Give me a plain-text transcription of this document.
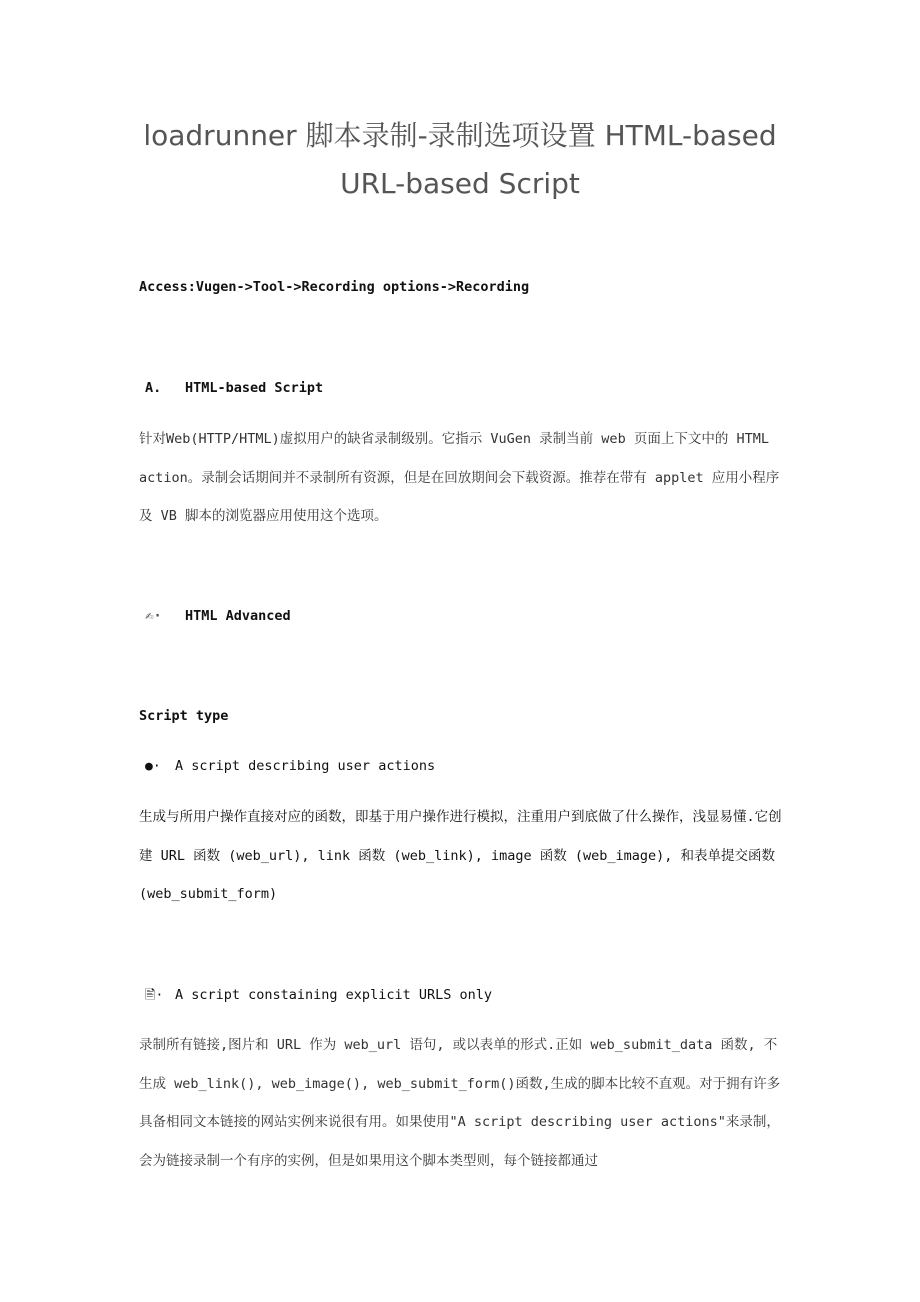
loadrunner 脚本录制-录制选项设置 HTML-based
URL-based Script
Access:Vugen->Tool->Recording options->Recording
A. HTML-based Script

针对Web(HTTP/HTML)虚拟用户的缺省录制级别。它指示 VuGen 录制当前 web 页面上下文中的 HTML action。录制会话期间并不录制所有资源，但是在回放期间会下载资源。推荐在带有 applet 应用小程序及 VB 脚本的浏览器应用使用这个选项。

✍· HTML Advanced
Script type
●· A script describing user actions

生成与所用户操作直接对应的函数，即基于用户操作进行模拟，注重用户到底做了什么操作，浅显易懂.它创建 URL 函数 (web_url), link 函数 (web_link), image 函数 (web_image), 和表单提交函数 (web_submit_form)

🖹· A script constaining explicit URLS only

录制所有链接,图片和 URL 作为 web_url 语句, 或以表单的形式.正如 web_submit_data 函数, 不生成 web_link(), web_image(), web_submit_form()函数,生成的脚本比较不直观。对于拥有许多具备相同文本链接的网站实例来说很有用。如果使用"A script describing user actions"来录制，会为链接录制一个有序的实例，但是如果用这个脚本类型则，每个链接都通过
